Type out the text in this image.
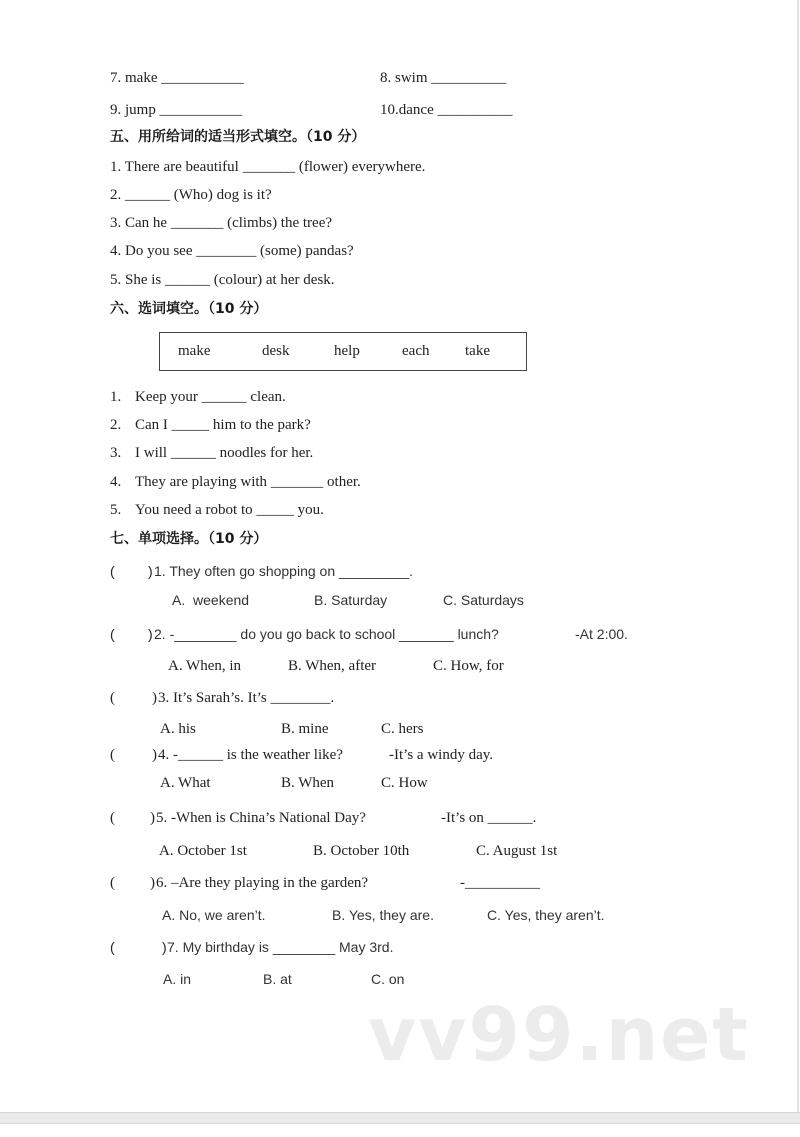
7. make ___________	8. swim __________
9. jump ___________	10.dance __________
五、用所给词的适当形式填空。（10 分）
1. There are beautiful _______ (flower) everywhere.
2. ______ (Who) dog is it?
3. Can he _______ (climbs) the tree?
4. Do you see ________ (some) pandas?
5. She is ______ (colour) at her desk.
六、选词填空。（10 分）
make	desk	help	each take
1. Keep your ______ clean.
2. Can I _____ him to the park?
3. I will ______ noodles for her.
4. They are playing with _______ other.
5. You need a robot to _____ you.
七、单项选择。（10 分）
( ) 1. They often go shopping on _________.
A.  weekend	B. Saturday	C. Saturdays
( ) 2. -________ do you go back to school _______ lunch?	-At 2:00.
A. When, in	B. When, after	C. How, for
( ) 3. It’s Sarah’s. It’s ________.
A. his	B. mine	C. hers
( ) 4. -______ is the weather like?	-It’s a windy day.
A. What	B. When	C. How
( ) 5. -When is China’s National Day?	-It’s on ______.
A. October 1st	B. October 10th	C. August 1st
( ) 6. –Are they playing in the garden?	-__________
A. No, we aren’t.	B. Yes, they are.	C. Yes, they aren’t.
(	) 7. My birthday is ________ May 3rd.
A. in	B. at	C. on
vv99.net
